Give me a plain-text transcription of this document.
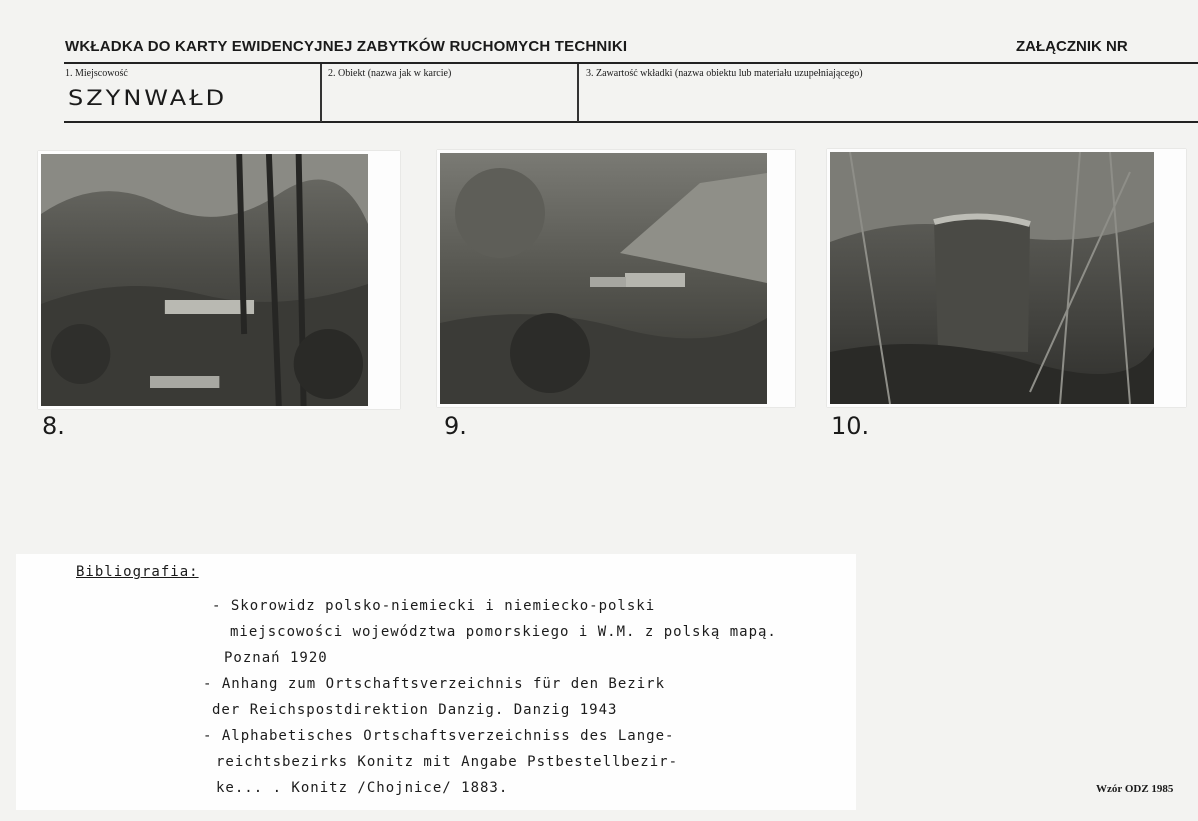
WKŁADKA DO KARTY EWIDENCYJNEJ ZABYTKÓW RUCHOMYCH TECHNIKI	ZAŁĄCZNIK NR
1. Miejscowość
SZYNWAŁD
2. Obiekt (nazwa jak w karcie)	3. Zawartość wkładki (nazwa obiektu lub materiału uzupełniającego)
8.	9.	10.
Bibliografia:
- Skorowidz polsko-niemiecki i niemiecko-polski
miejscowości województwa pomorskiego i W.M. z polską mapą.
Poznań 1920
- Anhang zum Ortschaftsverzeichnis für den Bezirk
der Reichspostdirektion Danzig. Danzig 1943
- Alphabetisches Ortschaftsverzeichniss des Lange-
reichtsbezirks Konitz mit Angabe Pstbestellbezir-
ke... . Konitz /Chojnice/ 1883.	Wzór ODZ 1985
